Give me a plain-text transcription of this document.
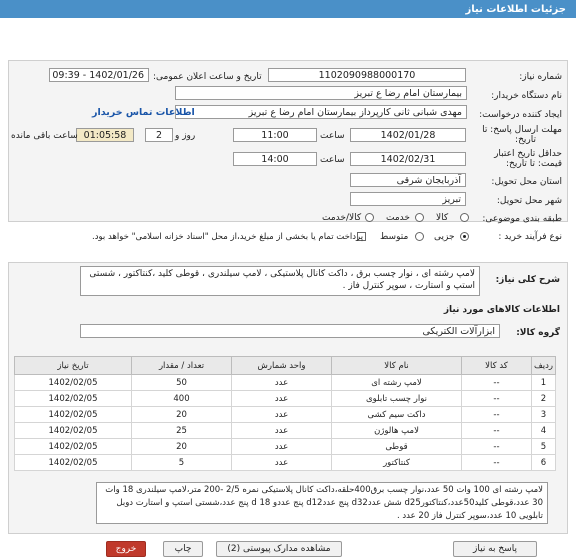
جزئیات اطلاعات نیاز
شماره نیاز:
1102090988000170
تاریخ و ساعت اعلان عمومی:
1402/01/26 - 09:39
نام دستگاه خریدار:
بیمارستان امام رضا ع تبریز
ایجاد کننده درخواست:
مهدی شبانی ثانی کارپرداز بیمارستان امام رضا ع تبریز
اطلاعات تماس خریدار
مهلت ارسال پاسخ: تا
تاریخ:
1402/01/28
ساعت
11:00
روز و
2
01:05:58
ساعت باقی مانده
حداقل تاریخ اعتبار
قیمت: تا تاریخ:
1402/02/31
ساعت
14:00
استان محل تحویل:
آذربایجان شرقی
شهر محل تحویل:
تبریز
طبقه بندی موضوعی:
کالا
خدمت
کالا/خدمت
نوع فرآیند خرید :
جزیی
متوسط
پرداخت تمام یا بخشی از مبلغ خرید،از محل "اسناد خزانه اسلامی" خواهد بود.
شرح کلی نیاز:
لامپ رشته ای ، نوار چسب برق ، داکت کانال پلاستیکی ، لامپ سیلندری ، قوطی کلید ،کنتاکتور ، شستی استپ و استارت ، سوپر کنترل فاز .
اطلاعات کالاهای مورد نیاز
گروه کالا:
ابزارآلات الکتریکی
ردیف	کد کالا	نام کالا	واحد شمارش	تعداد / مقدار	تاریخ نیاز
1	--	لامپ رشته ای	عدد	50	1402/02/05
2	--	نوار چسب تابلوی	عدد	400	1402/02/05
3	--	داکت سیم کشی	عدد	20	1402/02/05
4	--	لامپ هالوژن	عدد	25	1402/02/05
5	--	قوطی	عدد	20	1402/02/05
6	--	کنتاکتور	عدد	5	1402/02/05
لامپ رشته ای 100 وات 50 عدد،نوار چسب برق400حلقه،داکت کانال پلاستیکی نمره 2/5 -200 متر،لامپ سیلندری 18 وات 30 عدد،قوطی کلید50عدد،کنتاکتورd25 شش عددd32 پنج عددd12 پنج عددو d 18 پنج عدد،شستی استپ و استارت دوبل تابلویی 10 عدد،سوپر کنترل فاز 20 عدد .
پاسخ به نیاز
مشاهده مدارک پیوستی (2)
چاپ
خروج
